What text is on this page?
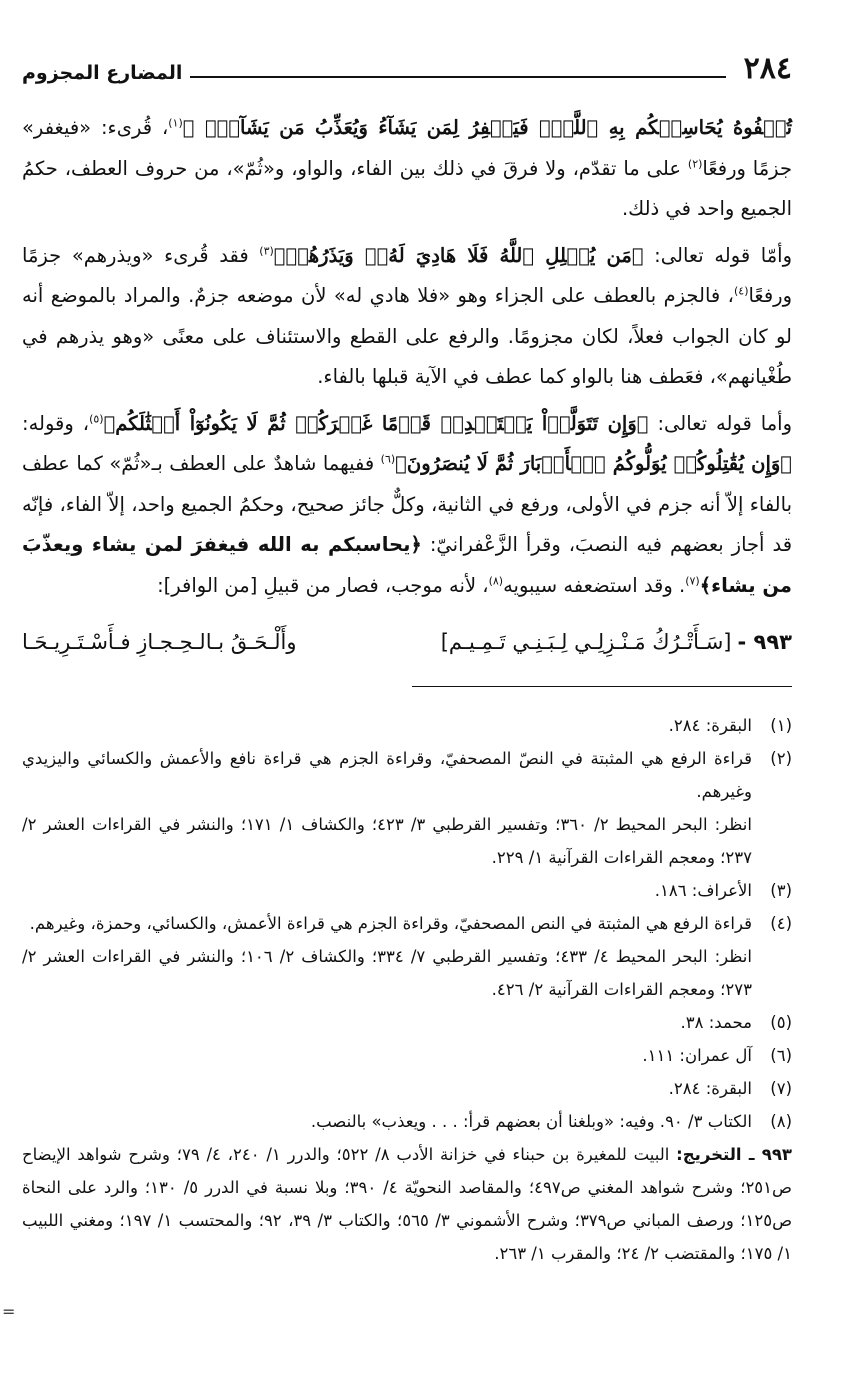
٢٨٤
المضارع المجزوم

تُخۡفُوهُ يُحَاسِبۡكُم بِهِ ٱللَّهُۖ فَيَغۡفِرُ لِمَن يَشَآءُ وَيُعَذِّبُ مَن يَشَآءُۗ ﴾$^{(١)}$، قُرىء: «فيغفر» جزمًا ورفعًا$^{(٢)}$ على ما تقدّم، ولا فرقَ في ذلك بين الفاء، والواو، و«ثُمّ»، من حروف العطف، حكمُ الجميع واحد في ذلك.

وأمّا قوله تعالى: ﴿مَن يُضۡلِلِ ٱللَّهُ فَلَا هَادِيَ لَهُۥۚ وَيَذَرُهُمۡ﴾$^{(٣)}$ فقد قُرىء «ويذرهم» جزمًا ورفعًا$^{(٤)}$، فالجزم بالعطف على الجزاء وهو «فلا هادي له» لأن موضعه جزمٌ. والمراد بالموضع أنه لو كان الجواب فعلاً، لكان مجزومًا. والرفع على القطع والاستئناف على معنًى «وهو يذرهم في طُغْيانهم»، فعَطف هنا بالواو كما عطف في الآية قبلها بالفاء.

وأما قوله تعالى: ﴿وَإِن تَتَوَلَّوۡاْ يَسۡتَبۡدِلۡ قَوۡمًا غَيۡرَكُمۡ ثُمَّ لَا يَكُونُوٓاْ أَمۡثَٰلَكُم﴾$^{(٥)}$، وقوله: ﴿وَإِن يُقَٰتِلُوكُمۡ يُوَلُّوكُمُ ٱلۡأَدۡبَارَ ثُمَّ لَا يُنصَرُونَ﴾$^{(٦)}$ ففيهما شاهدٌ على العطف بـ«ثُمّ» كما عطف بالفاء إلاّ أنه جزم في الأولى، ورفع في الثانية، وكلٌّ جائز صحيح، وحكمُ الجميع واحد، إلاّ الفاء، فإنّه قد أجاز بعضهم فيه النصبَ، وقرأ الزَّعْفرانيّ: ﴿يحاسبكم به الله فيغفرَ لمن يشاء ويعذّبَ من يشاء﴾$^{(٧)}$. وقد استضعفه سيبويه$^{(٨)}$، لأنه موجب، فصار من قبيلِ [من الوافر]:

٩٩٣ -
[سَـأَتْـرُكُ مَـنْـزِلِـي لِـبَـنِـي تَـمِـيـم]
وأَلْـحَـقُ بـالـحِـجـازِ فـأَسْـتَـرِيـحَـا
(١)
البقرة: ٢٨٤.
(٢)
قراءة الرفع هي المثبتة في النصّ المصحفيّ، وقراءة الجزم هي قراءة نافع والأعمش والكسائي واليزيدي وغيرهم.
انظر: البحر المحيط ٢/ ٣٦٠؛ وتفسير القرطبي ٣/ ٤٢٣؛ والكشاف ١/ ١٧١؛ والنشر في القراءات العشر ٢/ ٢٣٧؛ ومعجم القراءات القرآنية ١/ ٢٢٩.
(٣)
الأعراف: ١٨٦.
(٤)
قراءة الرفع هي المثبتة في النص المصحفيّ، وقراءة الجزم هي قراءة الأعمش، والكسائي، وحمزة، وغيرهم.
انظر: البحر المحيط ٤/ ٤٣٣؛ وتفسير القرطبي ٧/ ٣٣٤؛ والكشاف ٢/ ١٠٦؛ والنشر في القراءات العشر ٢/ ٢٧٣؛ ومعجم القراءات القرآنية ٢/ ٤٢٦.
(٥)
محمد: ٣٨.
(٦)
آل عمران: ١١١.
(٧)
البقرة: ٢٨٤.
(٨)
الكتاب ٣/ ٩٠. وفيه: «وبلغنا أن بعضهم قرأ: . . . ويعذب» بالنصب.
٩٩٣ ـ التخريج: البيت للمغيرة بن حبناء في خزانة الأدب ٨/ ٥٢٢؛ والدرر ١/ ٢٤٠، ٤/ ٧٩؛ وشرح شواهد الإيضاح ص٢٥١؛ وشرح شواهد المغني ص٤٩٧؛ والمقاصد النحويّة ٤/ ٣٩٠؛ وبلا نسبة في الدرر ٥/ ١٣٠؛ والرد على النحاة ص١٢٥؛ ورصف المباني ص٣٧٩؛ وشرح الأشموني ٣/ ٥٦٥؛ والكتاب ٣/ ٣٩، ٩٢؛ والمحتسب ١/ ١٩٧؛ ومغني اللبيب ١/ ١٧٥؛ والمقتضب ٢/ ٢٤؛ والمقرب ١/ ٢٦٣.
=
